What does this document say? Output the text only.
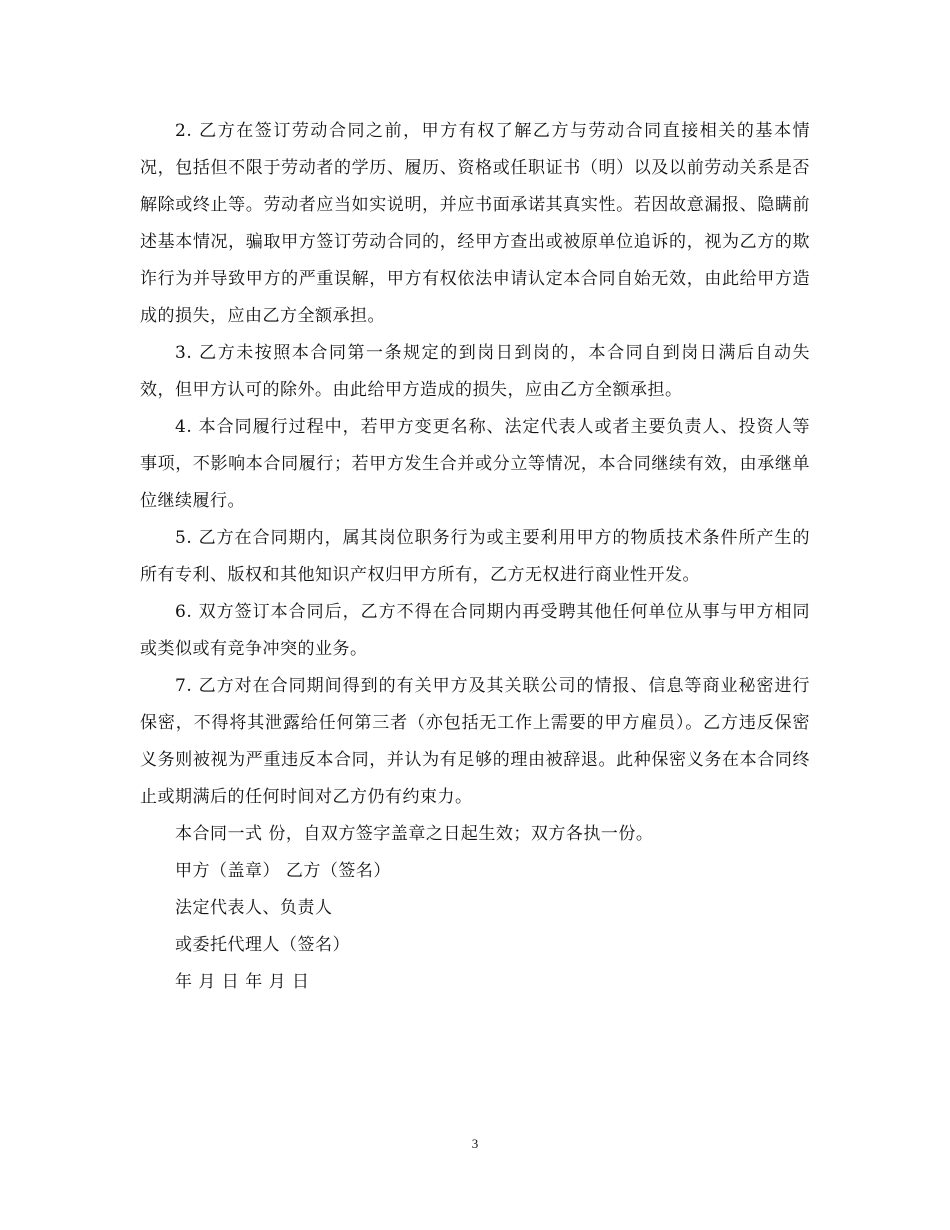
2. 乙方在签订劳动合同之前，甲方有权了解乙方与劳动合同直接相关的基本情况，包括但不限于劳动者的学历、履历、资格或任职证书（明）以及以前劳动关系是否解除或终止等。劳动者应当如实说明，并应书面承诺其真实性。若因故意漏报、隐瞒前述基本情况，骗取甲方签订劳动合同的，经甲方查出或被原单位追诉的，视为乙方的欺诈行为并导致甲方的严重误解，甲方有权依法申请认定本合同自始无效，由此给甲方造成的损失，应由乙方全额承担。

3. 乙方未按照本合同第一条规定的到岗日到岗的，本合同自到岗日满后自动失效，但甲方认可的除外。由此给甲方造成的损失，应由乙方全额承担。

4. 本合同履行过程中，若甲方变更名称、法定代表人或者主要负责人、投资人等事项，不影响本合同履行；若甲方发生合并或分立等情况，本合同继续有效，由承继单位继续履行。

5. 乙方在合同期内，属其岗位职务行为或主要利用甲方的物质技术条件所产生的所有专利、版权和其他知识产权归甲方所有，乙方无权进行商业性开发。

6. 双方签订本合同后，乙方不得在合同期内再受聘其他任何单位从事与甲方相同或类似或有竞争冲突的业务。

7. 乙方对在合同期间得到的有关甲方及其关联公司的情报、信息等商业秘密进行保密，不得将其泄露给任何第三者（亦包括无工作上需要的甲方雇员）。乙方违反保密义务则被视为严重违反本合同，并认为有足够的理由被辞退。此种保密义务在本合同终止或期满后的任何时间对乙方仍有约束力。

本合同一式 份，自双方签字盖章之日起生效；双方各执一份。

甲方（盖章） 乙方（签名）

法定代表人、负责人

或委托代理人（签名）

年 月 日 年 月 日

3
